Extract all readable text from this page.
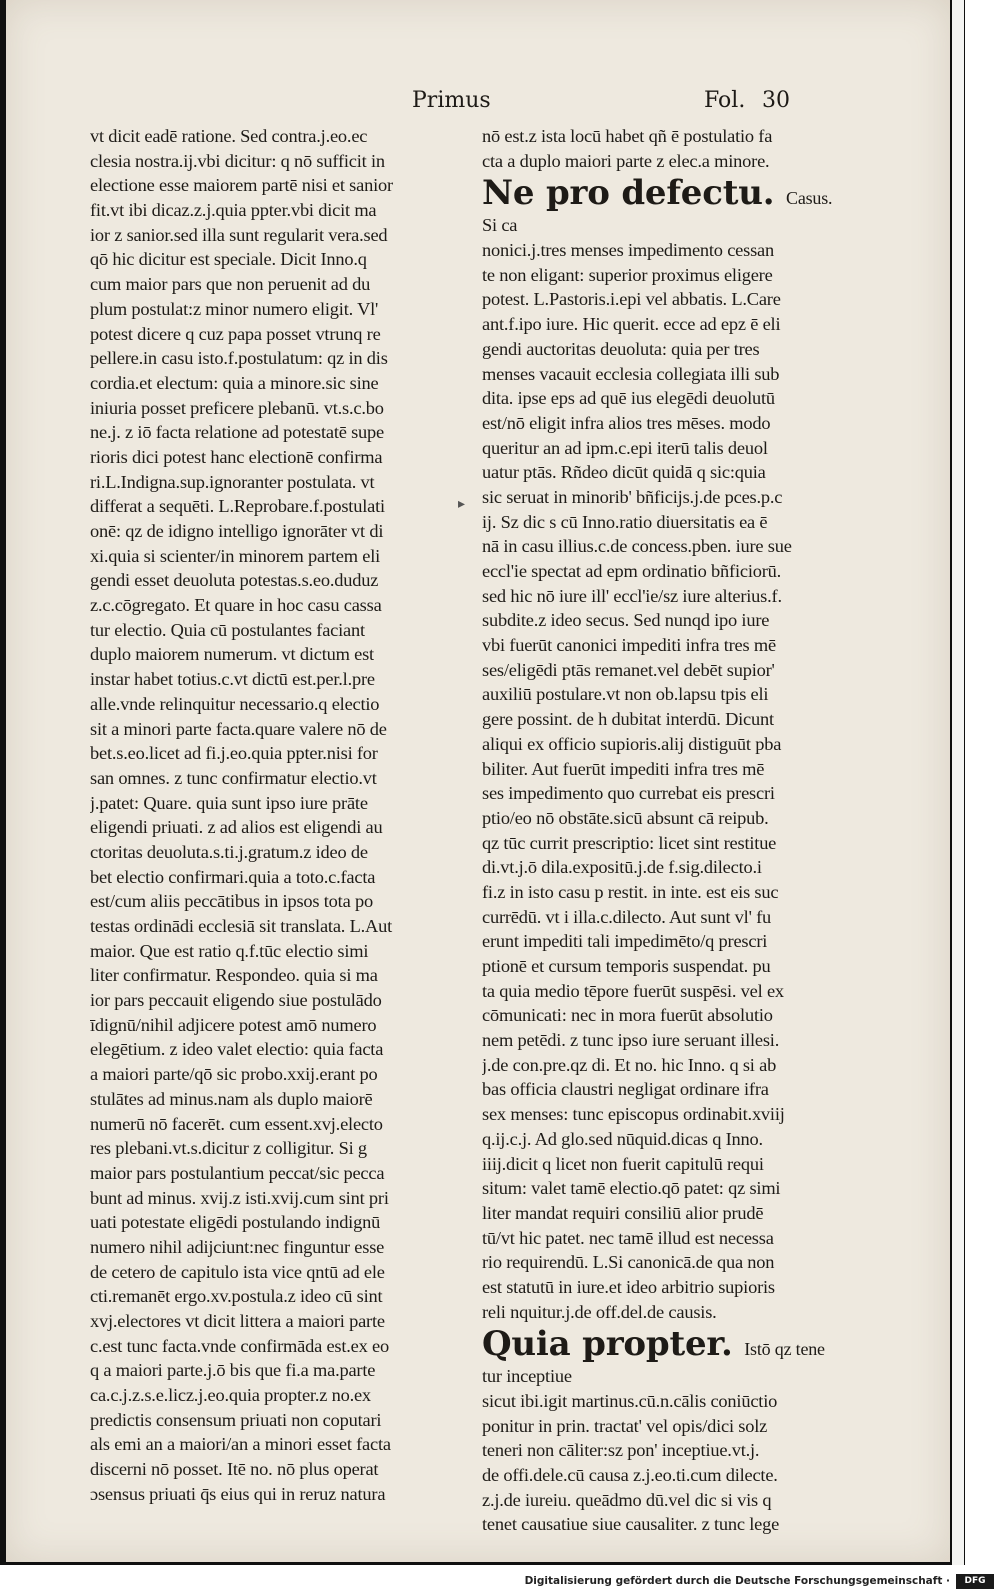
Primus	Fol. 30
vt dicit eadē ratione. Sed contra.j.eo.ec
clesia nostra.ij.vbi dicitur: q nō sufficit in
electione esse maiorem partē nisi et sanior
fit.vt ibi dicaz.z.j.quia ppter.vbi dicit ma
ior z sanior.sed illa sunt regularit vera.sed
qō hic dicitur est speciale. Dicit Inno.q
cum maior pars que non peruenit ad du
plum postulat:z minor numero eligit. Vl'
potest dicere q cuz papa posset vtrunq re
pellere.in casu isto.f.postulatum: qz in dis
cordia.et electum: quia a minore.sic sine
iniuria posset preficere plebanū. vt.s.c.bo
ne.j. z iō facta relatione ad potestatē supe
rioris dici potest hanc electionē confirma
ri.L.Indigna.sup.ignoranter postulata. vt
differat a sequēti. L.Reprobare.f.postulati
onē: qz de idigno intelligo ignorāter vt di
xi.quia si scienter/in minorem partem eli
gendi esset deuoluta potestas.s.eo.duduz
z.c.cōgregato. Et quare in hoc casu cassa
tur electio. Quia cū postulantes faciant
duplo maiorem numerum. vt dictum est
instar habet totius.c.vt dictū est.per.l.pre
alle.vnde relinquitur necessario.q electio
sit a minori parte facta.quare valere nō de
bet.s.eo.licet ad fi.j.eo.quia ppter.nisi for
san omnes. z tunc confirmatur electio.vt
j.patet: Quare. quia sunt ipso iure prāte
eligendi priuati. z ad alios est eligendi au
ctoritas deuoluta.s.ti.j.gratum.z ideo de
bet electio confirmari.quia a toto.c.facta
est/cum aliis peccātibus in ipsos tota po
testas ordinādi ecclesiā sit translata. L.Aut
maior. Que est ratio q.f.tūc electio simi
liter confirmatur. Respondeo. quia si ma
ior pars peccauit eligendo siue postulādo
īdignū/nihil adjicere potest amō numero
elegētium. z ideo valet electio: quia facta
a maiori parte/qō sic probo.xxij.erant po
stulātes ad minus.nam als duplo maiorē
numerū nō facerēt. cum essent.xvj.electo
res plebani.vt.s.dicitur z colligitur. Si g
maior pars postulantium peccat/sic pecca
bunt ad minus. xvij.z isti.xvij.cum sint pri
uati potestate eligēdi postulando indignū
numero nihil adijciunt:nec finguntur esse
de cetero de capitulo ista vice qntū ad ele
cti.remanēt ergo.xv.postula.z ideo cū sint
xvj.electores vt dicit littera a maiori parte
c.est tunc facta.vnde confirmāda est.ex eo
q a maiori parte.j.ō bis que fi.a ma.parte
ca.c.j.z.s.e.licz.j.eo.quia propter.z no.ex
predictis consensum priuati non coputari
als emi an a maiori/an a minori esset facta
discerni nō posset. Itē no. nō plus operat
ɔsensus priuati q̄s eius qui in reruz natura
▸
nō est.z ista locū habet qñ ē postulatio fa
cta a duplo maiori parte z elec.a minore.
Ne pro defectu. Casus.
Si ca
nonici.j.tres menses impedimento cessan
te non eligant: superior proximus eligere
potest. L.Pastoris.i.epi vel abbatis. L.Care
ant.f.ipo iure. Hic querit. ecce ad epz ē eli
gendi auctoritas deuoluta: quia per tres
menses vacauit ecclesia collegiata illi sub
dita. ipse eps ad quē ius elegēdi deuolutū
est/nō eligit infra alios tres mēses. modo
queritur an ad ipm.c.epi iterū talis deuol
uatur ptās. Rñdeo dicūt quidā q sic:quia
sic seruat in minorib' bñficijs.j.de pces.p.c
ij. Sz dic s cū Inno.ratio diuersitatis ea ē
nā in casu illius.c.de concess.pben. iure sue
eccl'ie spectat ad epm ordinatio bñficiorū.
sed hic nō iure ill' eccl'ie/sz iure alterius.f.
subdite.z ideo secus. Sed nunqd ipo iure
vbi fuerūt canonici impediti infra tres mē
ses/eligēdi ptās remanet.vel debēt supior'
auxiliū postulare.vt non ob.lapsu tpis eli
gere possint. de h dubitat interdū. Dicunt
aliqui ex officio supioris.alij distiguūt pba
biliter. Aut fuerūt impediti infra tres mē
ses impedimento quo currebat eis prescri
ptio/eo nō obstāte.sicū absunt cā reipub.
qz tūc currit prescriptio: licet sint restitue
di.vt.j.ō dila.expositū.j.de f.sig.dilecto.i
fi.z in isto casu p restit. in inte. est eis suc
currēdū. vt i illa.c.dilecto. Aut sunt vl' fu
erunt impediti tali impedimēto/q prescri
ptionē et cursum temporis suspendat. pu
ta quia medio tēpore fuerūt suspēsi. vel ex
cōmunicati: nec in mora fuerūt absolutio
nem petēdi. z tunc ipso iure seruant illesi.
j.de con.pre.qz di. Et no. hic Inno. q si ab
bas officia claustri negligat ordinare ifra
sex menses: tunc episcopus ordinabit.xviij
q.ij.c.j. Ad glo.sed nūquid.dicas q Inno.
iiij.dicit q licet non fuerit capitulū requi
situm: valet tamē electio.qō patet: qz simi
liter mandat requiri consiliū alior prudē
tū/vt hic patet. nec tamē illud est necessa
rio requirendū. L.Si canonicā.de qua non
est statutū in iure.et ideo arbitrio supioris
reli nquitur.j.de off.del.de causis.
Quia propter. Istō qz tene
tur inceptiue
sicut ibi.igit martinus.cū.n.cālis coniūctio
ponitur in prin. tractat' vel opis/dici solz
teneri non cāliter:sz pon' inceptiue.vt.j.
de offi.dele.cū causa z.j.eo.ti.cum dilecte.
z.j.de iureiu. queādmo dū.vel dic si vis q
tenet causatiue siue causaliter. z tunc lege
Digitalisierung gefördert durch die Deutsche Forschungsgemeinschaft ·	DFG
